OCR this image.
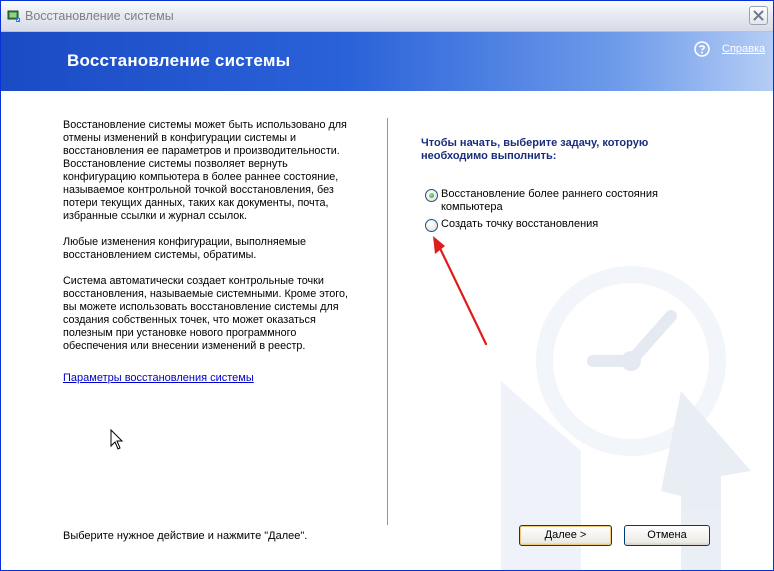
Восстановление системы
Восстановление системы
Справка

Восстановление системы может быть использовано для отмены изменений в конфигурации системы и восстановления ее параметров и производительности. Восстановление системы позволяет вернуть конфигурацию компьютера в более раннее состояние, называемое контрольной точкой восстановления, без потери текущих данных, таких как документы, почта, избранные ссылки и журнал ссылок.

Любые изменения конфигурации, выполняемые восстановлением системы, обратимы.

Система автоматически создает контрольные точки восстановления, называемые системными. Кроме этого, вы можете использовать восстановление системы для создания собственных точек, что может оказаться полезным при установке нового программного обеспечения или внесении изменений в реестр.

Параметры восстановления системы
Чтобы начать, выберите задачу, которую необходимо выполнить:
Восстановление более раннего состояния компьютера
Создать точку восстановления
Выберите нужное действие и нажмите "Далее".	Далее >	Отмена
